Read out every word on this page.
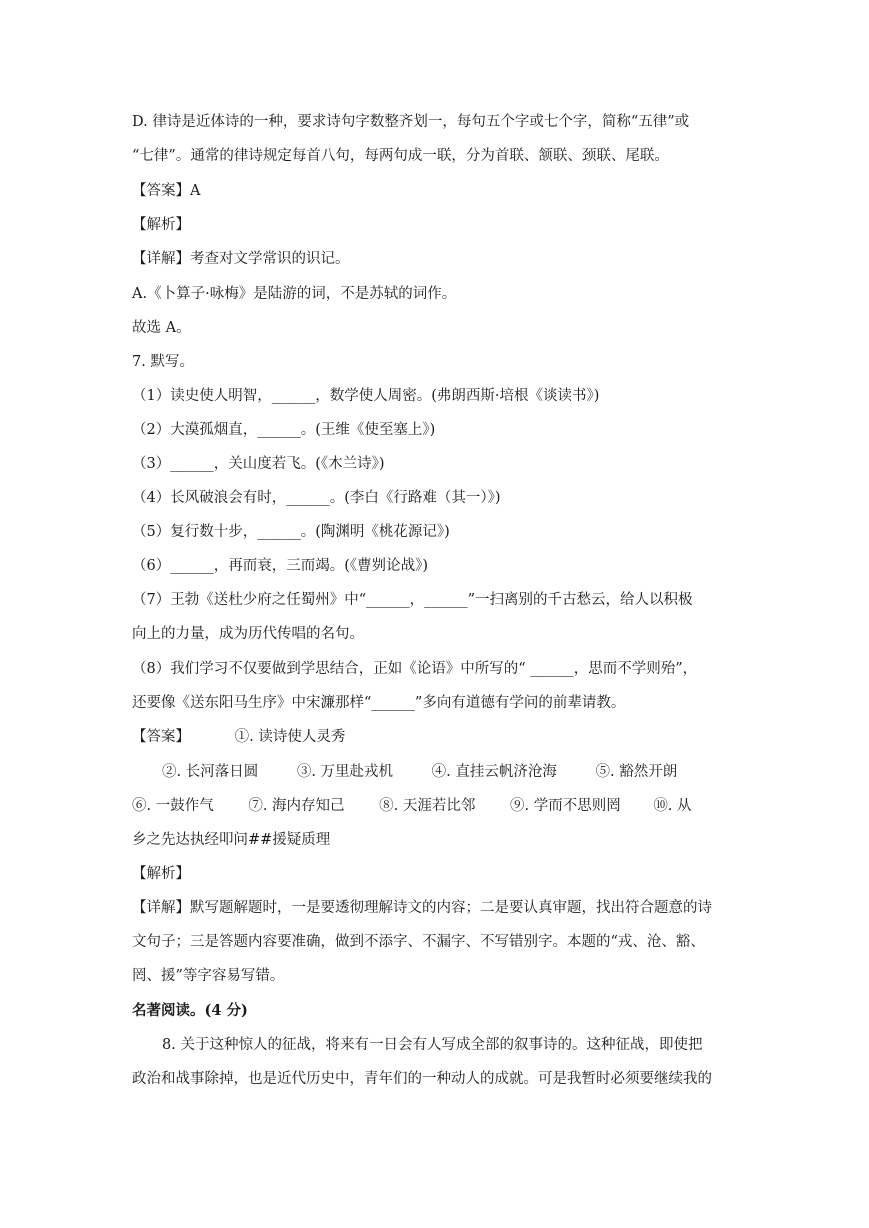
D. 律诗是近体诗的一种，要求诗句字数整齐划一，每句五个字或七个字，简称“五律”或
“七律”。通常的律诗规定每首八句，每两句成一联，分为首联、颔联、颈联、尾联。
【答案】A
【解析】
【详解】考查对文学常识的识记。
A.《卜算子·咏梅》是陆游的词，不是苏轼的词作。
故选 A。
7. 默写。
（1）读史使人明智，______，数学使人周密。(弗朗西斯·培根《谈读书》)
（2）大漠孤烟直，______。(王维《使至塞上》)
（3）______，关山度若飞。(《木兰诗》)
（4）长风破浪会有时，______。(李白《行路难（其一）》)
（5）复行数十步，______。(陶渊明《桃花源记》)
（6）______，再而衰，三而竭。(《曹刿论战》)
（7）王勃《送杜少府之任蜀州》中“______，______”一扫离别的千古愁云，给人以积极
向上的力量，成为历代传唱的名句。
（8）我们学习不仅要做到学思结合，正如《论语》中所写的“ ______，思而不学则殆”，
还要像《送东阳马生序》中宋濂那样“______”多向有道德有学问的前辈请教。
【答案】	①. 读诗使人灵秀
②. 长河落日圆	③. 万里赴戎机	④. 直挂云帆济沧海	⑤. 豁然开朗
⑥. 一鼓作气 ⑦. 海内存知己 ⑧. 天涯若比邻 ⑨. 学而不思则罔 ⑩. 从
乡之先达执经叩问##援疑质理
【解析】
【详解】默写题解题时，一是要透彻理解诗文的内容；二是要认真审题，找出符合题意的诗
文句子；三是答题内容要准确，做到不添字、不漏字、不写错别字。本题的“戎、沧、豁、
罔、援”等字容易写错。
名著阅读。(4 分)
8. 关于这种惊人的征战，将来有一日会有人写成全部的叙事诗的。这种征战，即使把
政治和战事除掉，也是近代历史中，青年们的一种动人的成就。可是我暂时必须要继续我的
